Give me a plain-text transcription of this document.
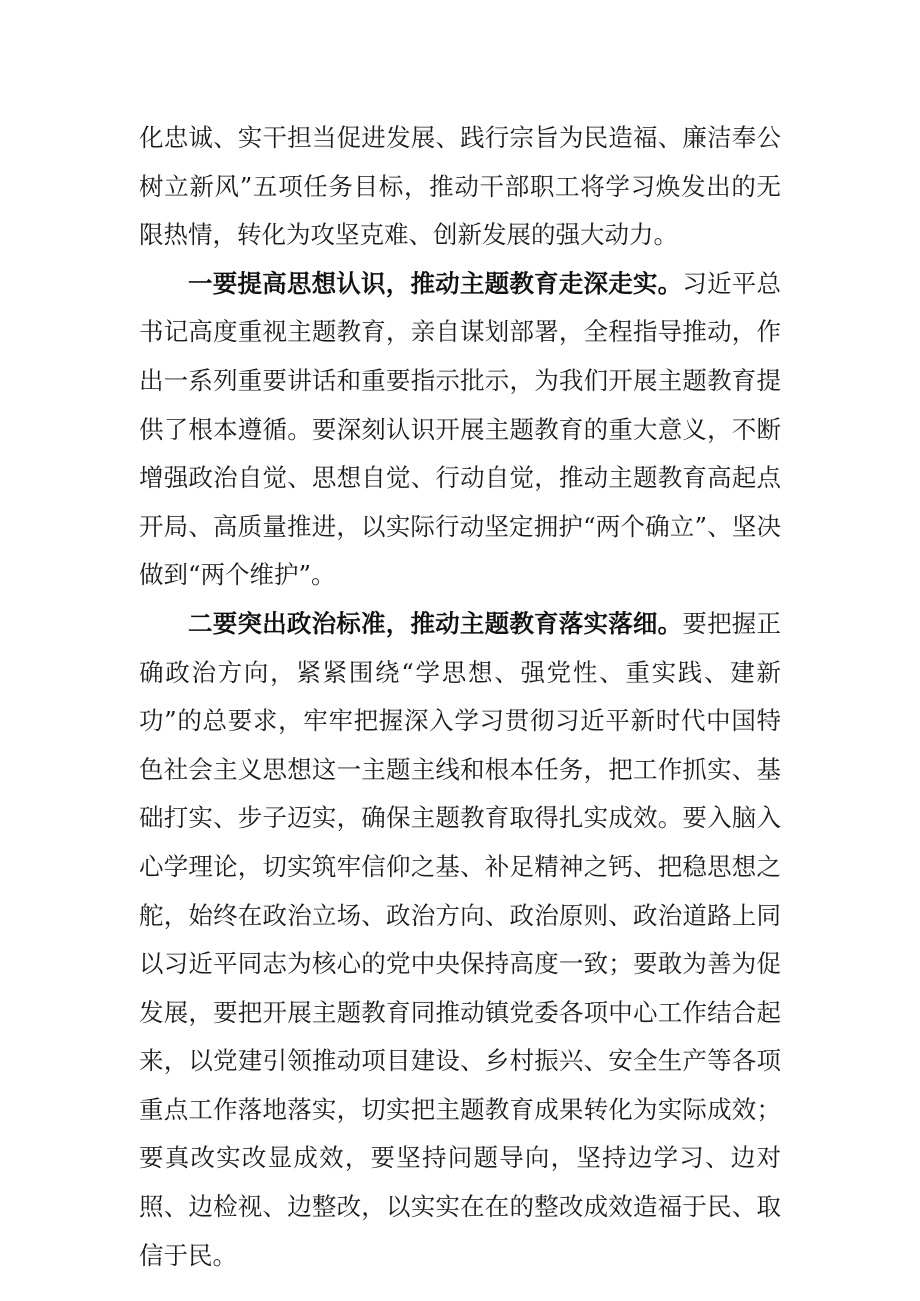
化忠诚、实干担当促进发展、践行宗旨为民造福、廉洁奉公树立新风”五项任务目标，推动干部职工将学习焕发出的无限热情，转化为攻坚克难、创新发展的强大动力。

一要提高思想认识，推动主题教育走深走实。习近平总书记高度重视主题教育，亲自谋划部署，全程指导推动，作出一系列重要讲话和重要指示批示，为我们开展主题教育提供了根本遵循。要深刻认识开展主题教育的重大意义，不断增强政治自觉、思想自觉、行动自觉，推动主题教育高起点开局、高质量推进，以实际行动坚定拥护“两个确立”、坚决做到“两个维护”。

二要突出政治标准，推动主题教育落实落细。要把握正确政治方向，紧紧围绕“学思想、强党性、重实践、建新功”的总要求，牢牢把握深入学习贯彻习近平新时代中国特色社会主义思想这一主题主线和根本任务，把工作抓实、基础打实、步子迈实，确保主题教育取得扎实成效。要入脑入心学理论，切实筑牢信仰之基、补足精神之钙、把稳思想之舵，始终在政治立场、政治方向、政治原则、政治道路上同以习近平同志为核心的党中央保持高度一致；要敢为善为促发展，要把开展主题教育同推动镇党委各项中心工作结合起来，以党建引领推动项目建设、乡村振兴、安全生产等各项重点工作落地落实，切实把主题教育成果转化为实际成效；要真改实改显成效，要坚持问题导向，坚持边学习、边对照、边检视、边整改，以实实在在的整改成效造福于民、取信于民。
